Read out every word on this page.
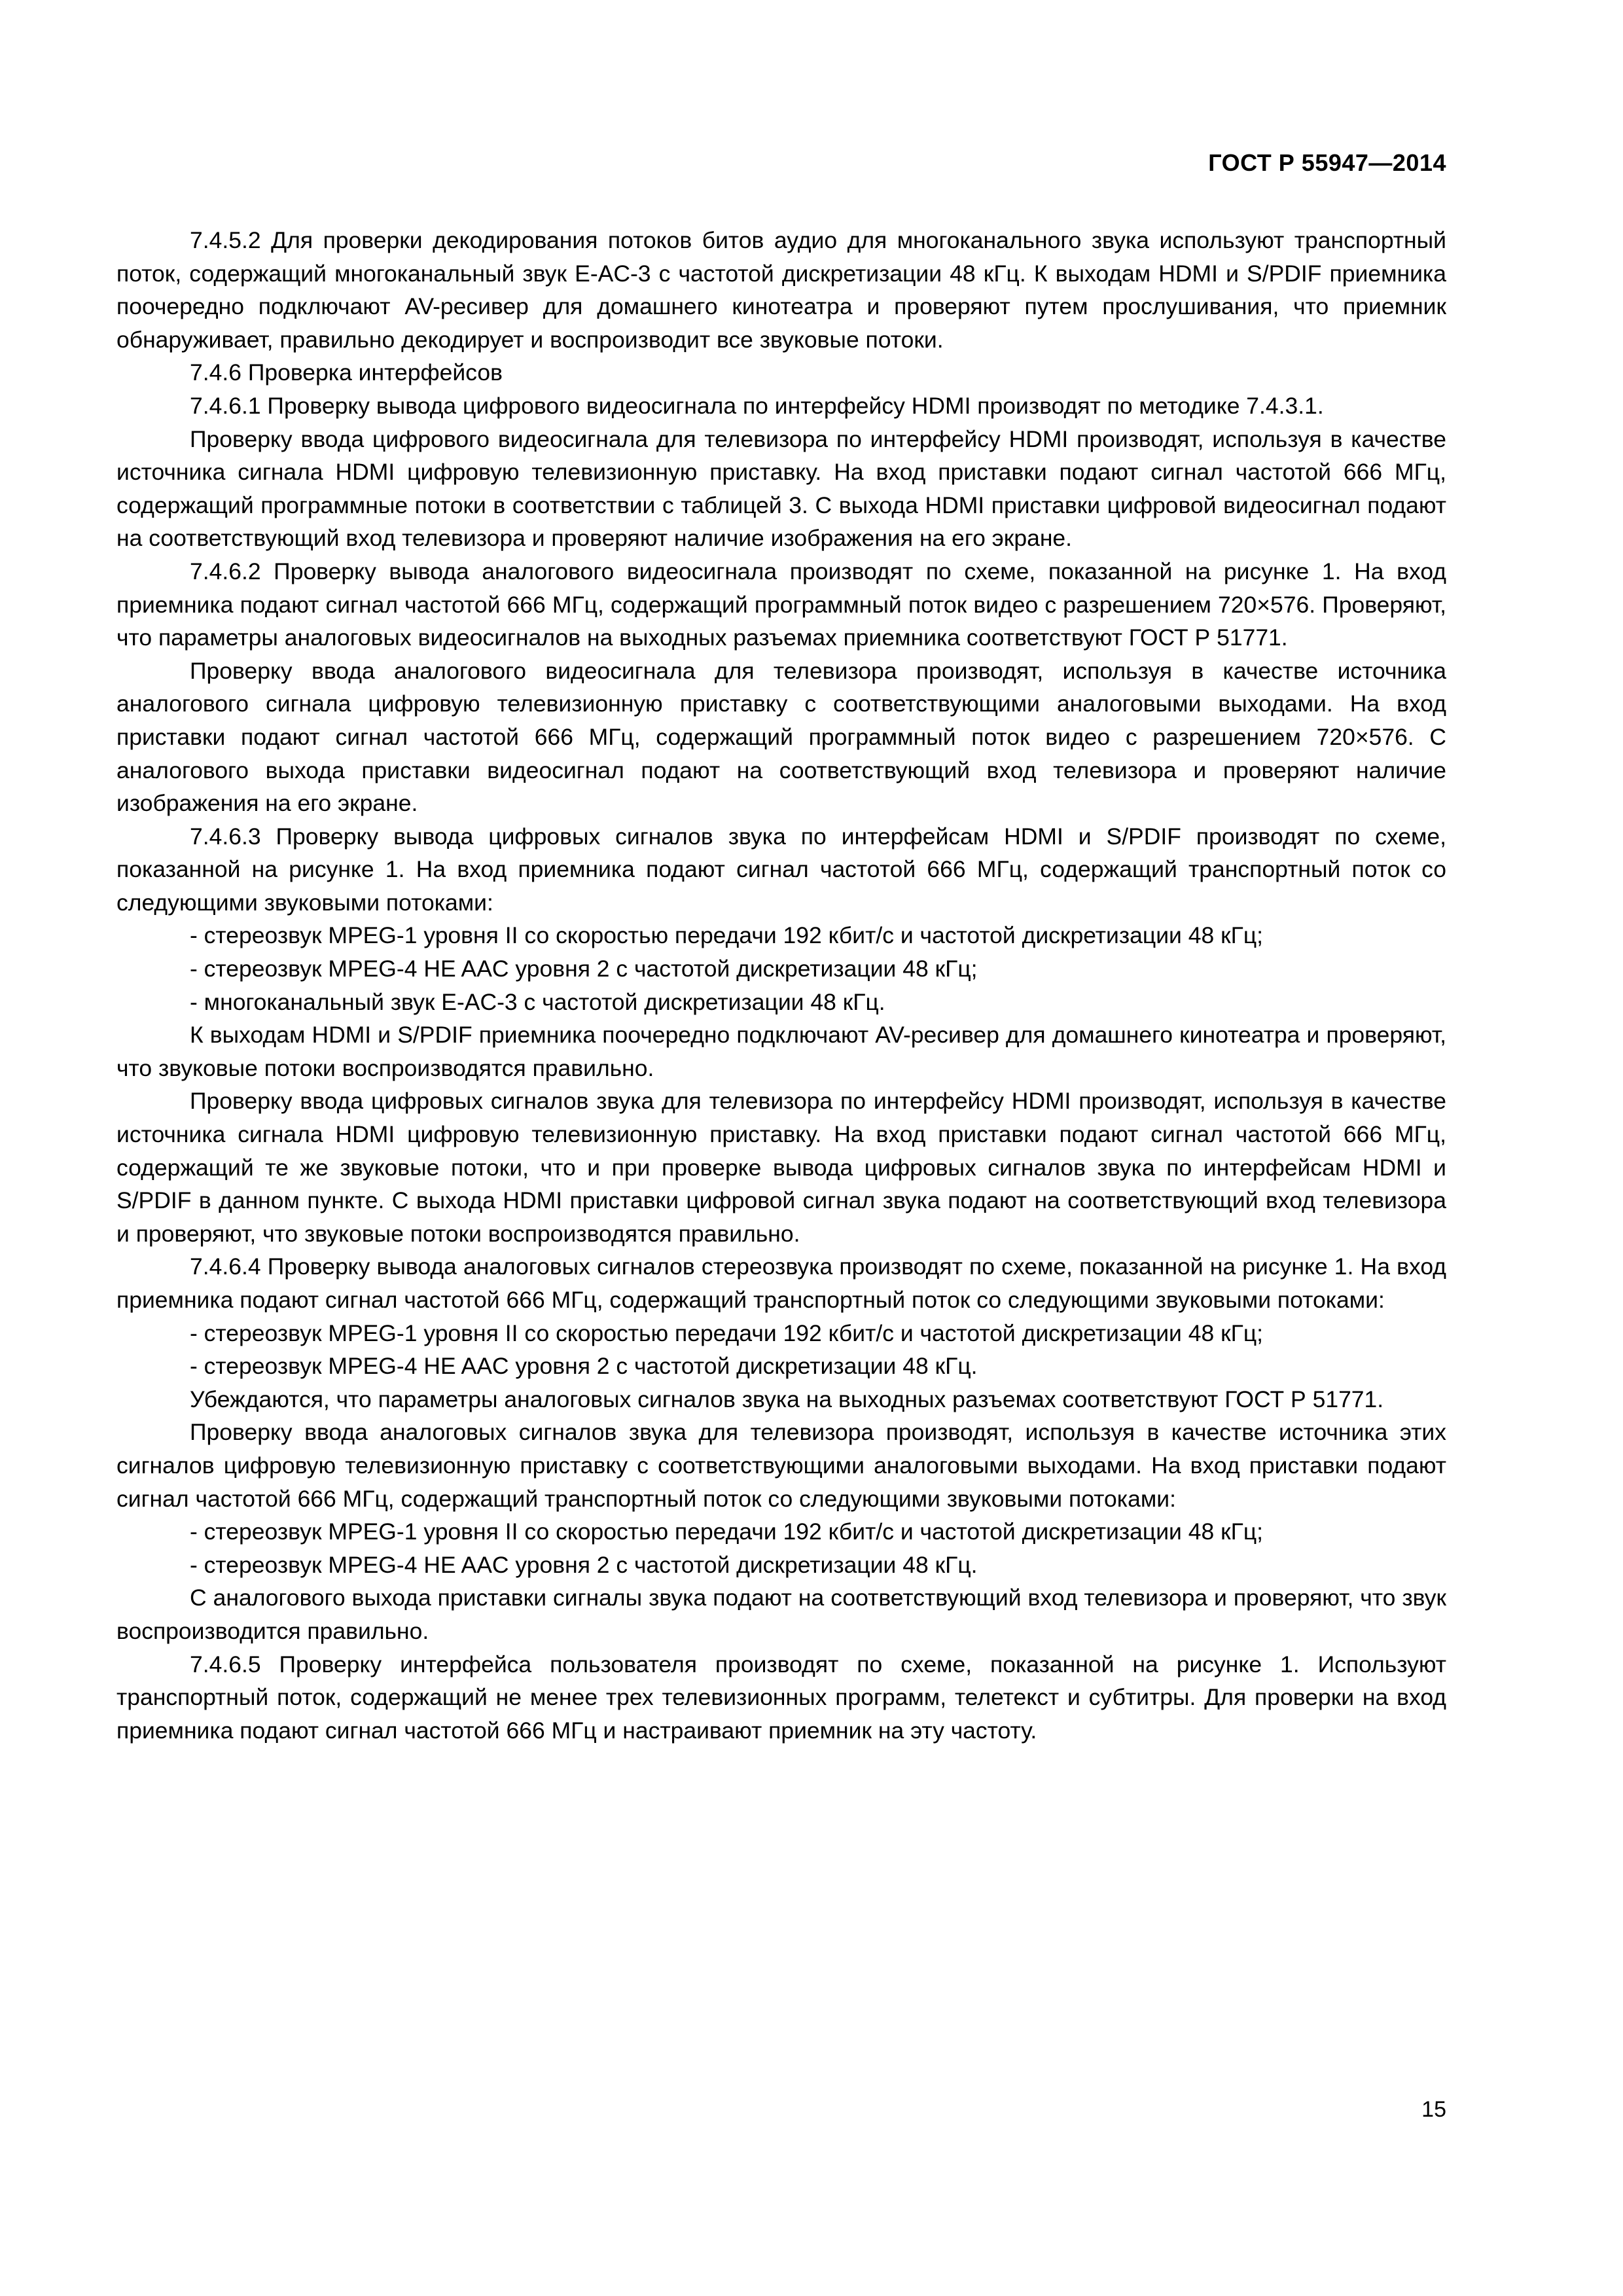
ГОСТ Р 55947—2014

7.4.5.2 Для проверки декодирования потоков битов аудио для многоканального звука используют транспортный поток, содержащий многоканальный звук E-AC-3 с частотой дискретизации 48 кГц. К выходам HDMI и S/PDIF приемника поочередно подключают AV-ресивер для домашнего кинотеатра и проверяют путем прослушивания, что приемник обнаруживает, правильно декодирует и воспроизводит все звуковые потоки.

7.4.6 Проверка интерфейсов

7.4.6.1 Проверку вывода цифрового видеосигнала по интерфейсу HDMI производят по методике 7.4.3.1.

Проверку ввода цифрового видеосигнала для телевизора по интерфейсу HDMI производят, используя в качестве источника сигнала HDMI цифровую телевизионную приставку. На вход приставки подают сигнал частотой 666 МГц, содержащий программные потоки в соответствии с таблицей 3. С выхода HDMI приставки цифровой видеосигнал подают на соответствующий вход телевизора и проверяют наличие изображения на его экране.

7.4.6.2 Проверку вывода аналогового видеосигнала производят по схеме, показанной на рисунке 1. На вход приемника подают сигнал частотой 666 МГц, содержащий программный поток видео с разрешением 720×576. Проверяют, что параметры аналоговых видеосигналов на выходных разъемах приемника соответствуют ГОСТ Р 51771.

Проверку ввода аналогового видеосигнала для телевизора производят, используя в качестве источника аналогового сигнала цифровую телевизионную приставку с соответствующими аналоговыми выходами. На вход приставки подают сигнал частотой 666 МГц, содержащий программный поток видео с разрешением 720×576. С аналогового выхода приставки видеосигнал подают на соответствующий вход телевизора и проверяют наличие изображения на его экране.

7.4.6.3 Проверку вывода цифровых сигналов звука по интерфейсам HDMI и S/PDIF производят по схеме, показанной на рисунке 1. На вход приемника подают сигнал частотой 666 МГц, содержащий транспортный поток со следующими звуковыми потоками:

- стереозвук MPEG-1 уровня II со скоростью передачи 192 кбит/с и частотой дискретизации 48 кГц;

- стереозвук MPEG-4 HE AAC уровня 2 с частотой дискретизации 48 кГц;

- многоканальный звук E-AC-3 с частотой дискретизации 48 кГц.

К выходам HDMI и S/PDIF приемника поочередно подключают AV-ресивер для домашнего кинотеатра и проверяют, что звуковые потоки воспроизводятся правильно.

Проверку ввода цифровых сигналов звука для телевизора по интерфейсу HDMI производят, используя в качестве источника сигнала HDMI цифровую телевизионную приставку. На вход приставки подают сигнал частотой 666 МГц, содержащий те же звуковые потоки, что и при проверке вывода цифровых сигналов звука по интерфейсам HDMI и S/PDIF в данном пункте. С выхода HDMI приставки цифровой сигнал звука подают на соответствующий вход телевизора и проверяют, что звуковые потоки воспроизводятся правильно.

7.4.6.4 Проверку вывода аналоговых сигналов стереозвука производят по схеме, показанной на рисунке 1. На вход приемника подают сигнал частотой 666 МГц, содержащий транспортный поток со следующими звуковыми потоками:

- стереозвук MPEG-1 уровня II со скоростью передачи 192 кбит/с и частотой дискретизации 48 кГц;

- стереозвук MPEG-4 HE AAC уровня 2 с частотой дискретизации 48 кГц.

Убеждаются, что параметры аналоговых сигналов звука на выходных разъемах соответствуют ГОСТ Р 51771.

Проверку ввода аналоговых сигналов звука для телевизора производят, используя в качестве источника этих сигналов цифровую телевизионную приставку с соответствующими аналоговыми выходами. На вход приставки подают сигнал частотой 666 МГц, содержащий транспортный поток со следующими звуковыми потоками:

- стереозвук MPEG-1 уровня II со скоростью передачи 192 кбит/с и частотой дискретизации 48 кГц;

- стереозвук MPEG-4 HE AAC уровня 2 с частотой дискретизации 48 кГц.

С аналогового выхода приставки сигналы звука подают на соответствующий вход телевизора и проверяют, что звук воспроизводится правильно.

7.4.6.5 Проверку интерфейса пользователя производят по схеме, показанной на рисунке 1. Используют транспортный поток, содержащий не менее трех телевизионных программ, телетекст и субтитры. Для проверки на вход приемника подают сигнал частотой 666 МГц и настраивают приемник на эту частоту.

15
